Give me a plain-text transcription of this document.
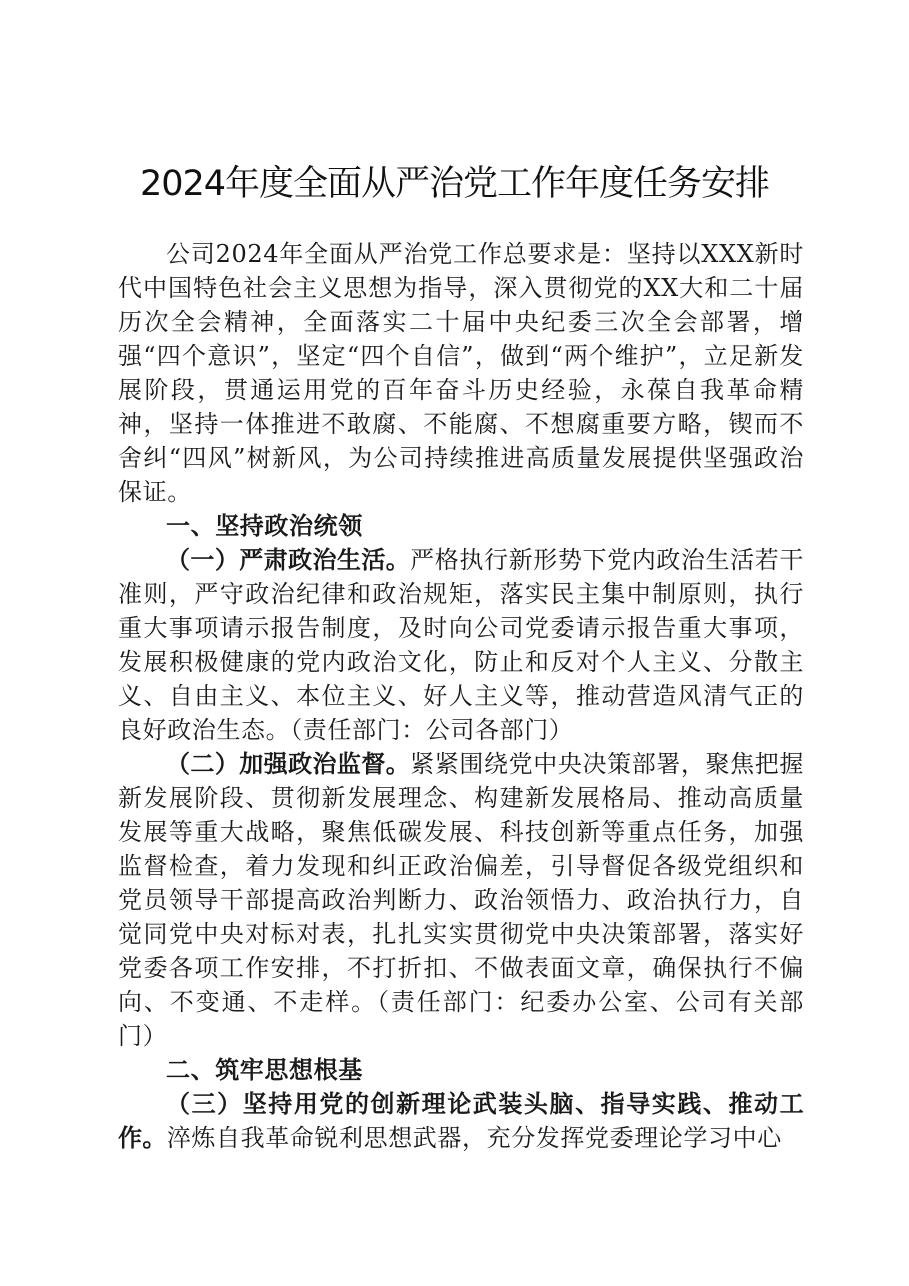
2024年度全面从严治党工作年度任务安排

公司2024年全面从严治党工作总要求是：坚持以XXX新时代中国特色社会主义思想为指导，深入贯彻党的XX大和二十届历次全会精神，全面落实二十届中央纪委三次全会部署，增强“四个意识”，坚定“四个自信”，做到“两个维护”，立足新发展阶段，贯通运用党的百年奋斗历史经验，永葆自我革命精神，坚持一体推进不敢腐、不能腐、不想腐重要方略，锲而不舍纠“四风”树新风，为公司持续推进高质量发展提供坚强政治保证。

一、坚持政治统领

（一）严肃政治生活。严格执行新形势下党内政治生活若干准则，严守政治纪律和政治规矩，落实民主集中制原则，执行重大事项请示报告制度，及时向公司党委请示报告重大事项，发展积极健康的党内政治文化，防止和反对个人主义、分散主义、自由主义、本位主义、好人主义等，推动营造风清气正的良好政治生态。（责任部门：公司各部门）

（二）加强政治监督。紧紧围绕党中央决策部署，聚焦把握新发展阶段、贯彻新发展理念、构建新发展格局、推动高质量发展等重大战略，聚焦低碳发展、科技创新等重点任务，加强监督检查，着力发现和纠正政治偏差，引导督促各级党组织和党员领导干部提高政治判断力、政治领悟力、政治执行力，自觉同党中央对标对表，扎扎实实贯彻党中央决策部署，落实好党委各项工作安排，不打折扣、不做表面文章，确保执行不偏向、不变通、不走样。（责任部门：纪委办公室、公司有关部门）

二、筑牢思想根基

（三）坚持用党的创新理论武装头脑、指导实践、推动工作。淬炼自我革命锐利思想武器，充分发挥党委理论学习中心
